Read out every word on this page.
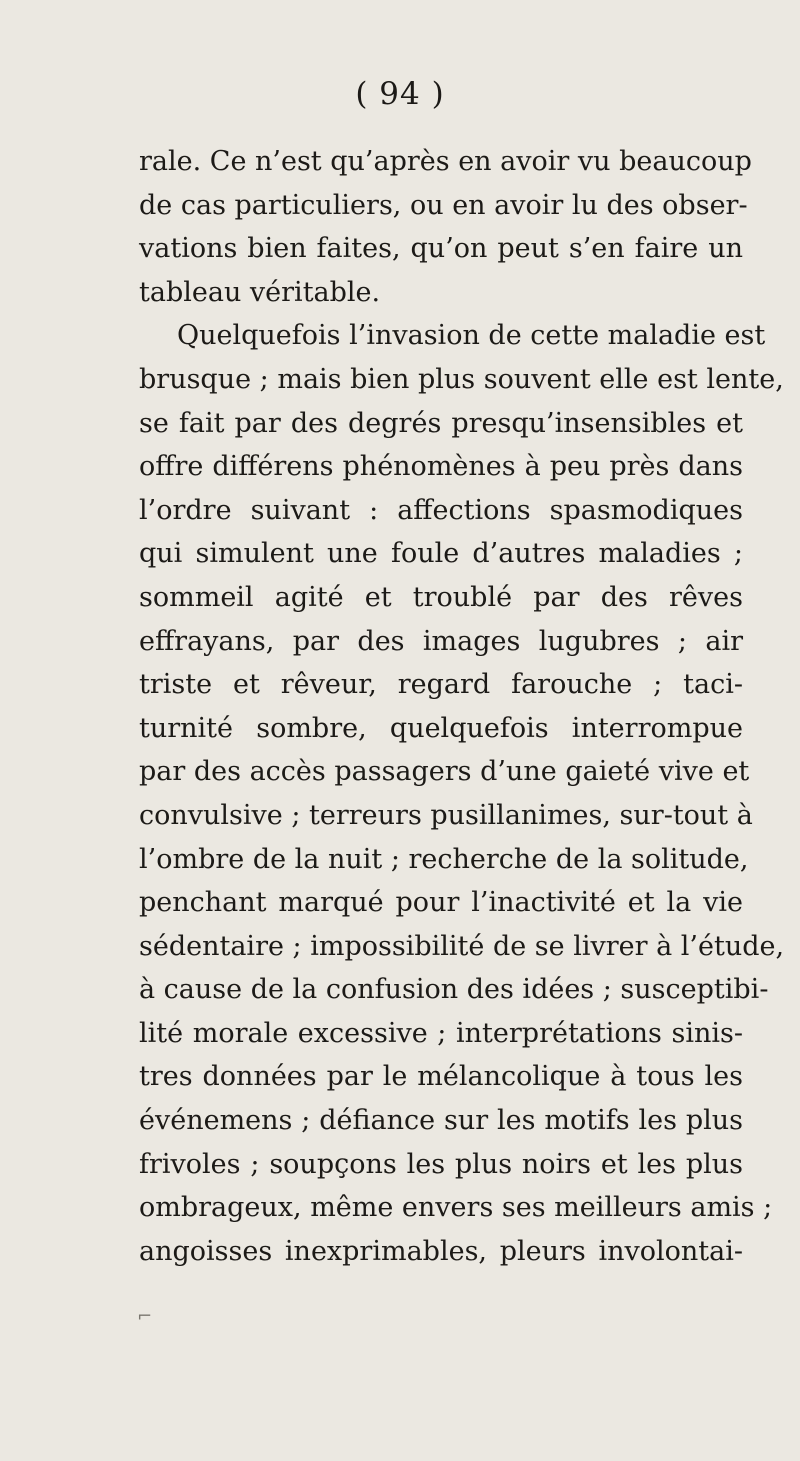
( 94 )
rale. Ce n’est qu’après en avoir vu beaucoup
de cas particuliers, ou en avoir lu des obser-
vations bien faites, qu’on peut s’en faire un
tableau véritable.
Quelquefois l’invasion de cette maladie est
brusque ; mais bien plus souvent elle est lente,
se fait par des degrés presqu’insensibles et
offre différens phénomènes à peu près dans
l’ordre suivant : affections spasmodiques
qui simulent une foule d’autres maladies ;
sommeil agité et troublé par des rêves
effrayans, par des images lugubres ; air
triste et rêveur, regard farouche ; taci-
turnité sombre, quelquefois interrompue
par des accès passagers d’une gaieté vive et
convulsive ; terreurs pusillanimes, sur-tout à
l’ombre de la nuit ; recherche de la solitude,
penchant marqué pour l’inactivité et la vie
sédentaire ; impossibilité de se livrer à l’étude,
à cause de la confusion des idées ; susceptibi-
lité morale excessive ; interprétations sinis-
tres données par le mélancolique à tous les
événemens ; défiance sur les motifs les plus
frivoles ; soupçons les plus noirs et les plus
ombrageux, même envers ses meilleurs amis ;
angoisses inexprimables, pleurs involontai-
⌐
